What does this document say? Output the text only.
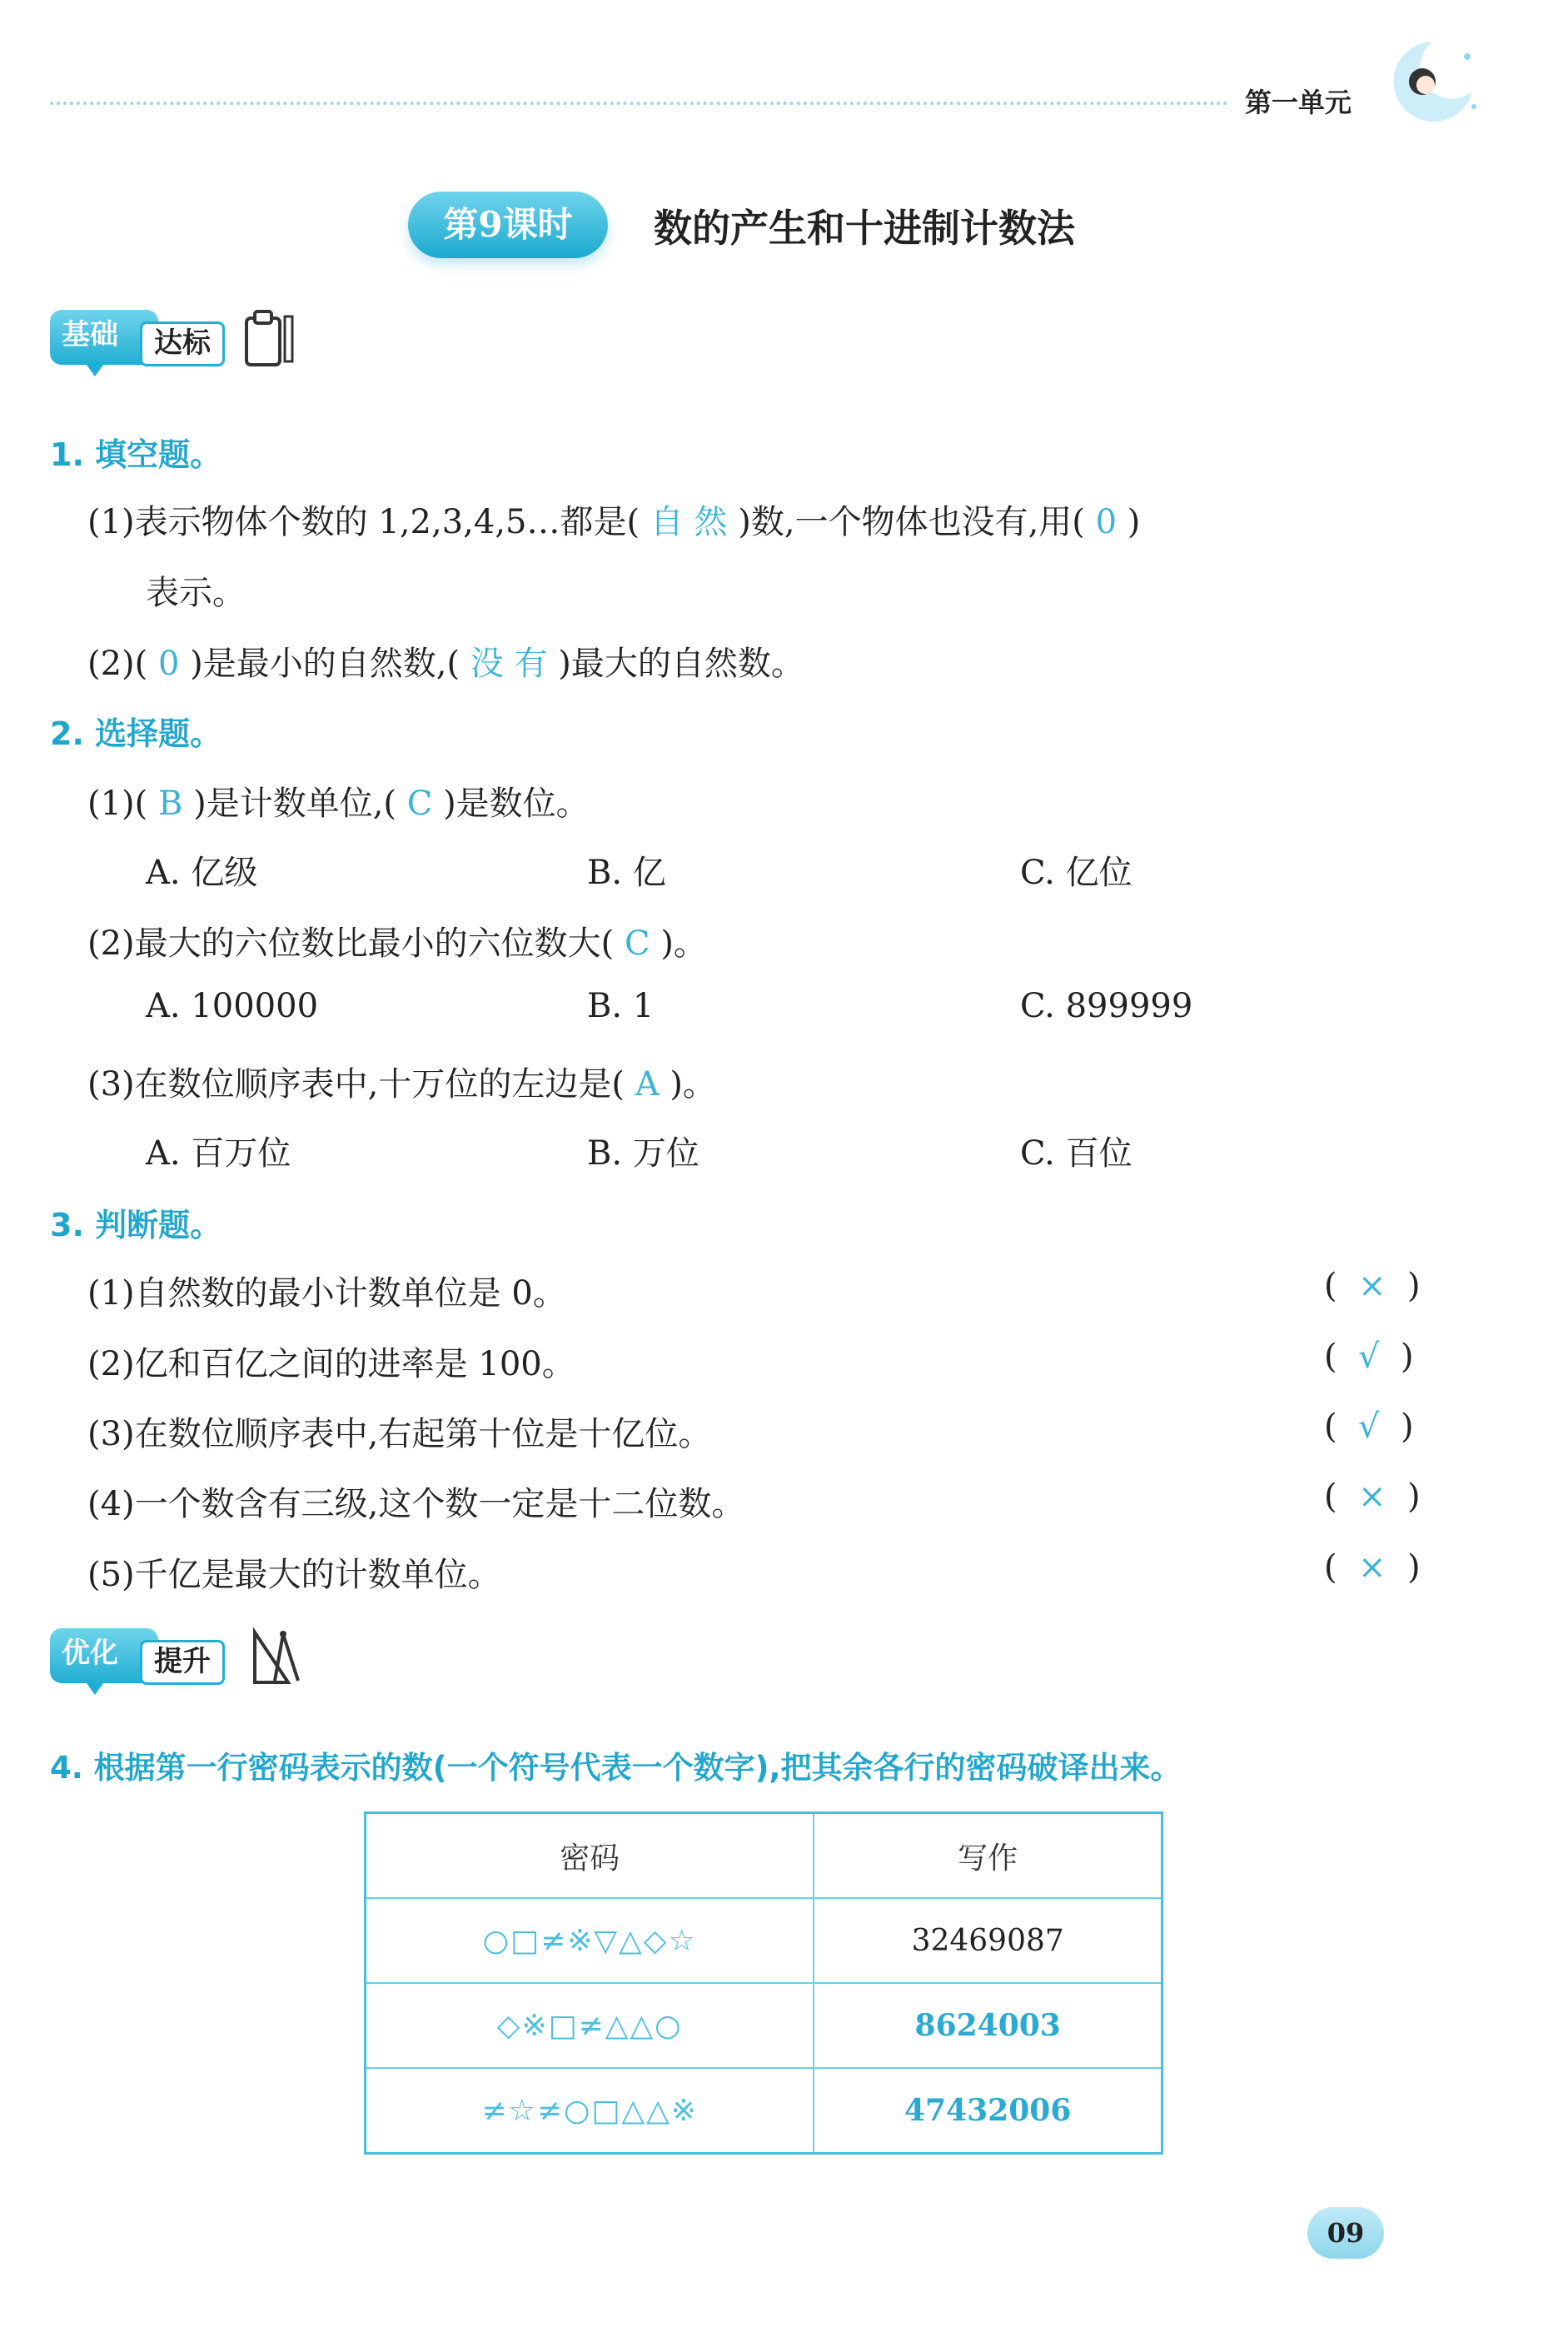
第一单元
第9课时	数的产生和十进制计数法
基础	达标
1. 填空题。
(1)表示物体个数的 1,2,3,4,5…都是( 自 然 )数,一个物体也没有,用( 0 )
表示。
(2)( 0 )是最小的自然数,( 没 有 )最大的自然数。
2. 选择题。
(1)( B )是计数单位,( C )是数位。
A. 亿级	B. 亿	C. 亿位
(2)最大的六位数比最小的六位数大( C )。
A. 100000	B. 1	C. 899999
(3)在数位顺序表中,十万位的左边是( A )。
A. 百万位	B. 万位	C. 百位
3. 判断题。
(1)自然数的最小计数单位是 0。	(  ×  )
(2)亿和百亿之间的进率是 100。	(  √  )
(3)在数位顺序表中,右起第十位是十亿位。	(  √  )
(4)一个数含有三级,这个数一定是十二位数。	(  ×  )
(5)千亿是最大的计数单位。	(  ×  )
优化	提升
4. 根据第一行密码表示的数(一个符号代表一个数字),把其余各行的密码破译出来。
密码	写作
○□≠※▽△◇☆	32469087
◇※□≠△△○	8624003
≠☆≠○□△△※	47432006
09
